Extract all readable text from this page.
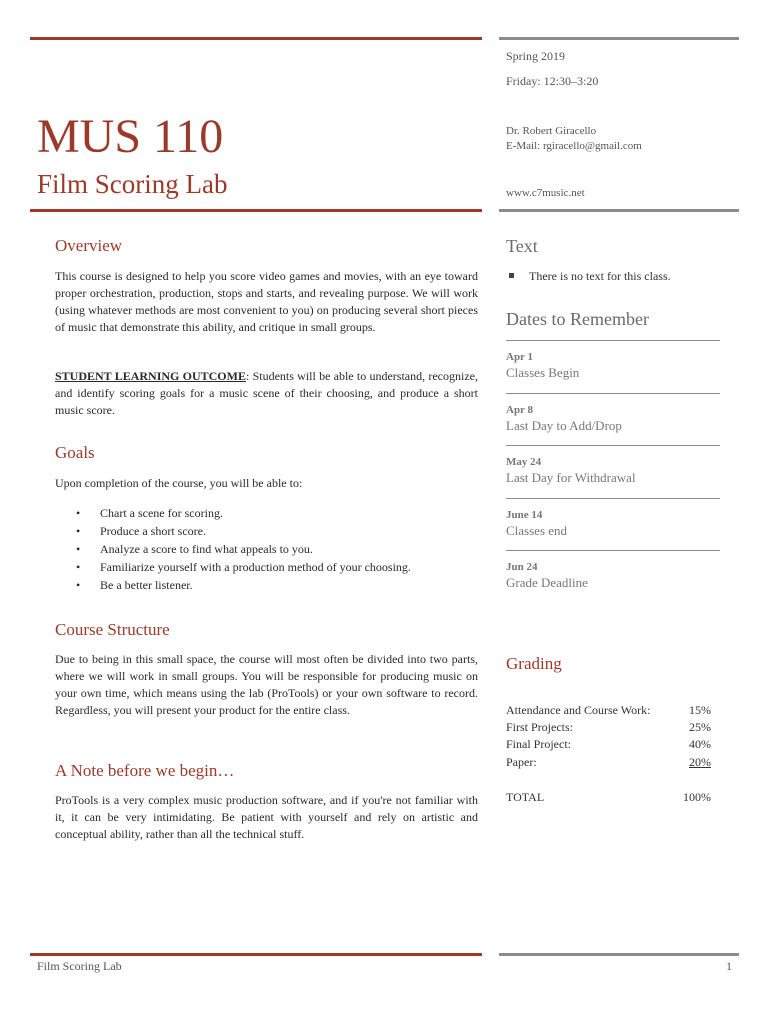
Spring 2019
Friday: 12:30–3:20
MUS 110
Film Scoring Lab
Dr. Robert Giracello
E-Mail: rgiracello@gmail.com
www.c7music.net
Overview

This course is designed to help you score video games and movies, with an eye toward proper orchestration, production, stops and starts, and revealing purpose. We will work (using whatever methods are most convenient to you) on producing several short pieces of music that demonstrate this ability, and critique in small groups.

STUDENT LEARNING OUTCOME: Students will be able to understand, recognize, and identify scoring goals for a music scene of their choosing, and produce a short music score.

Goals

Upon completion of the course, you will be able to:

• Chart a scene for scoring.
• Produce a short score.
• Analyze a score to find what appeals to you.
• Familiarize yourself with a production method of your choosing.
• Be a better listener.
Course Structure

Due to being in this small space, the course will most often be divided into two parts, where we will work in small groups. You will be responsible for producing music on your own time, which means using the lab (ProTools) or your own software to record. Regardless, you will present your product for the entire class.

A Note before we begin…

ProTools is a very complex music production software, and if you're not familiar with it, it can be very intimidating. Be patient with yourself and rely on artistic and conceptual ability, rather than all the technical stuff.

Text
There is no text for this class.
Dates to Remember
Apr 1
Classes Begin
Apr 8
Last Day to Add/Drop
May 24
Last Day for Withdrawal
June 14
Classes end
Jun 24
Grade Deadline
Grading
Attendance and Course Work:	15%
First Projects:	25%
Final Project:	40%
Paper:	20%
TOTAL	100%
Film Scoring Lab	1
